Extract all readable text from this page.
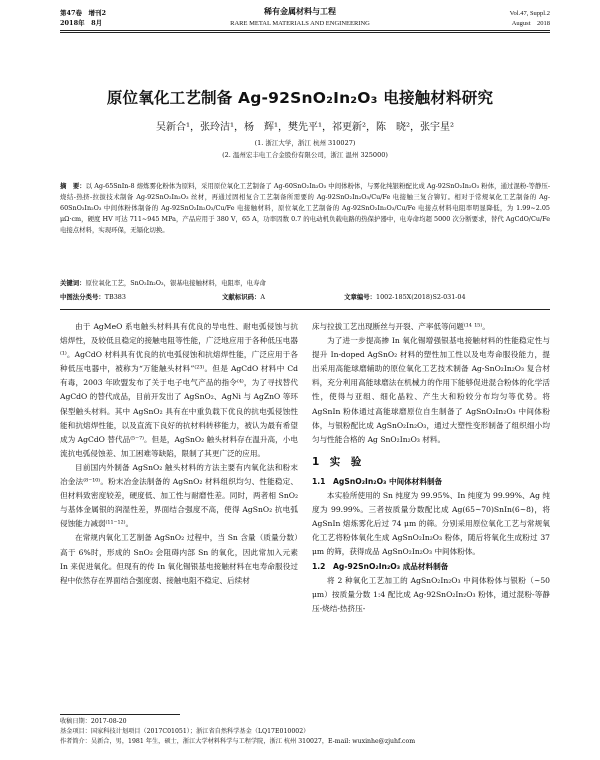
第47卷　增刊2
2018年　8月
稀有金属材料与工程
RARE METAL MATERIALS AND ENGINEERING
Vol.47, Suppl.2
August　2018
原位氧化工艺制备 Ag-92SnO₂In₂O₃ 电接触材料研究
吴新合¹，张玲洁¹，杨　辉¹，樊先平¹，祁更新²，陈　晓²，张宇星²
(1. 浙江大学，浙江 杭州 310027)
(2. 温州宏丰电工合金股份有限公司，浙江 温州 325000)
摘　要：以 Ag-65SnIn-8 熔炼雾化粉体为原料，采用原位氧化工艺制备了 Ag-60SnO₂In₂O₃ 中间体粉体，与雾化纯银粉配比成 Ag-92SnO₂In₂O₃ 粉体，通过混粉-等静压-烧结-热挤-拉拔技术制备 Ag-92SnO₂In₂O₃ 丝材，再通过固相复合工艺制备所需要的 Ag-92SnO₂In₂O₃/Cu/Fe 电接触三复合铆钉。相对于常规氧化工艺制备的 Ag-60SnO₂In₂O₃ 中间体粉体制备的 Ag-92SnO₂In₂O₃/Cu/Fe 电接触材料，原位氧化工艺制备的 Ag-92SnO₂In₂O₃/Cu/Fe 电接点材料电阻率明显降低，为 1.99~2.05 μΩ·cm，硬度 HV 可达 711~945 MPa，产品应用于 380 V，65 A，功率因数 0.7 的电动机负载电路的热保护器中，电寿命均超 5000 次分断要求，替代 AgCdO/Cu/Fe 电接点材料，实现环保，无镉化切换。
关键词：原位氧化工艺，SnO₂In₂O₃，银基电接触材料，电阻率，电寿命
中图法分类号：TB383	文献标识码：A	文章编号：1002-185X(2018)S2-031-04

由于 AgMeO 系电触头材料具有优良的导电性、耐电弧侵蚀与抗熔焊性，及较低且稳定的接触电阻等性能，广泛地应用于各种低压电器⁽¹⁾。AgCdO 材料具有优良的抗电弧侵蚀和抗熔焊性能，广泛应用于各种低压电器中，被称为“万能触头材料”⁽²³⁾。但是 AgCdO 材料中 Cd 有毒，2003 年欧盟发布了关于电子电气产品的指令⁽⁴⁾，为了寻找替代 AgCdO 的替代成品，目前开发出了 AgSnO₂、AgNi 与 AgZnO 等环保型触头材料。其中 AgSnO₂ 具有在中重负载下优良的抗电弧侵蚀性能和抗熔焊性能，以及直流下良好的抗材料转移能力，被认为最有希望成为 AgCdO 替代品⁽⁵⁻⁷⁾。但是，AgSnO₂ 触头材料存在温升高，小电流抗电弧侵蚀差、加工困难等缺陷，限制了其更广泛的应用。

目前国内外制备 AgSnO₂ 触头材料的方法主要有内氧化法和粉末冶金法⁽⁸⁻¹⁰⁾。粉末冶金法制备的 AgSnO₂ 材料组织均匀、性能稳定、但材料致密度较差，硬度低、加工性与耐磨性差。同时，两者相 SnO₂ 与基体金属银的润湿性差，界面结合强度不高，使得 AgSnO₂ 抗电弧侵蚀能力减弱⁽¹¹⁻¹²⁾。

在常规内氧化工艺制备 AgSnO₂ 过程中，当 Sn 含量（质量分数）高于 6%时，形成的 SnO₂ 会阻碍内部 Sn 的氧化，因此常加入元素 In 来促进氧化。但现有的传 In 氧化锡银基电接触材料在电寿命服役过程中依然存在界面结合强度弱、接触电阻不稳定、后续材

床与拉拔工艺出现断丝与开裂、产率低等问题⁽¹⁴ ¹⁵⁾。

为了进一步提高掺 In 氧化锡增强银基电接触材料的性能稳定性与提升 In-doped AgSnO₂ 材料的塑性加工性以及电寿命服役能力，提出采用高能球磨辅助的原位氧化工艺技术制备 Ag-SnO₂In₂O₃ 复合材料，充分利用高能球磨法在机械力的作用下能够促进混合粉体的化学活性，使得与亚组、细化晶粒、产生大和粉较分布均匀等优势。将 AgSnIn 粉体通过高能球磨原位自生制备了 AgSnO₂In₂O₃ 中间体粉体，与银粉配比成 AgSnO₂In₂O₃，通过大塑性变形制备了组织细小均匀与性能合格的 Ag SnO₂In₂O₃ 材料。

1　实　验
1.1　AgSnO₂In₂O₃ 中间体材料制备

本实验所使用的 Sn 纯度为 99.95%、In 纯度为 99.99%、Ag 纯度为 99.99%。三者按质量分数配比成 Ag(65~70)SnIn(6~8)，将 AgSnIn 熔炼雾化后过 74 μm 的筛。分别采用原位氧化工艺与常规氧化工艺将粉体氧化生成 AgSnO₂In₂O₃ 粉体，随后将氧化生成粉过 37 μm 的筛，获得成品 AgSnO₂In₂O₃ 中间体粉体。

1.2　Ag-92SnO₂In₂O₃ 成品材料制备

将 2 种氧化工艺加工的 AgSnO₂In₂O₃ 中间体粉体与银粉（~50 μm）按质量分数 1:4 配比成 Ag-92SnO₂In₂O₃ 粉体，通过混粉-等静压-烧结-热挤压-

收稿日期：2017-08-20
基金项目：国家科技计划项目（2017C01051）；浙江省自然科学基金（LQ17E010002）
作者简介：吴新合，男，1981 年生，硕士，浙江大学材料科学与工程学院，浙江 杭州 310027，E-mail: wuxinhe@zjuhf.com
